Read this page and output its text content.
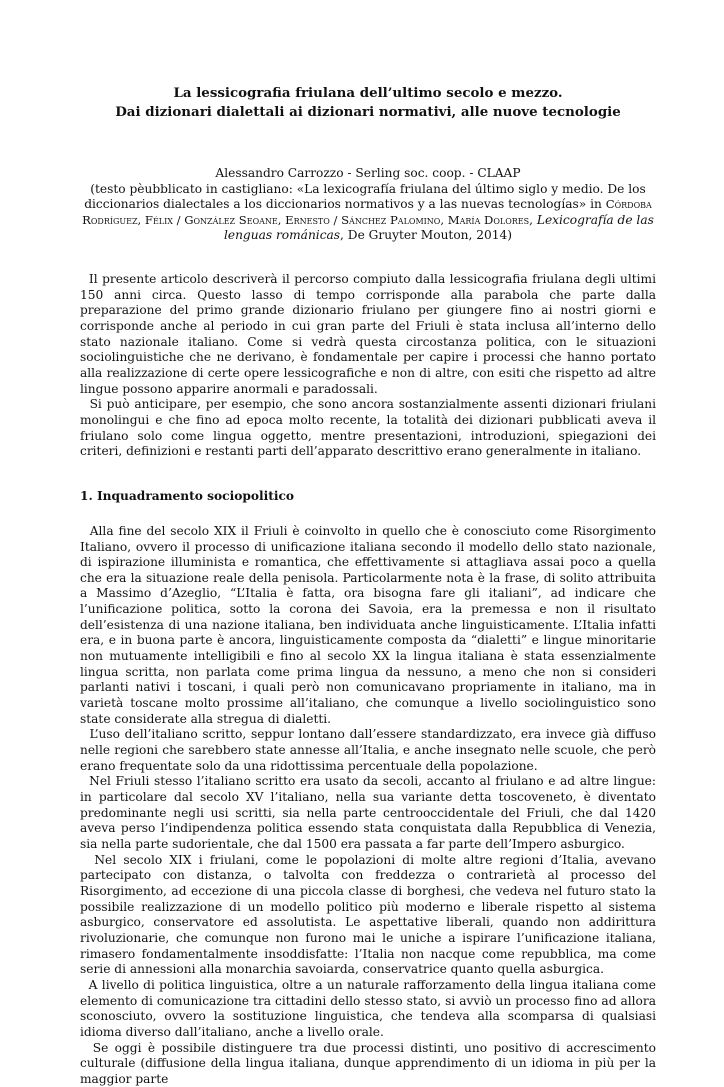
La lessicografia friulana dell’ultimo secolo e mezzo.
Dai dizionari dialettali ai dizionari normativi, alle nuove tecnologie
Alessandro Carrozzo - Serling soc. coop. - CLAAP
(testo pèubblicato in castigliano: «La lexicografía friulana del último siglo y medio. De los diccionarios dialectales a los diccionarios normativos y a las nuevas tecnologías» in Córdoba Rodríguez, Félix / González Seoane, Ernesto / Sánchez Palomino, María Dolores, Lexicografía de las lenguas románicas, De Gruyter Mouton, 2014)

Il presente articolo descriverà il percorso compiuto dalla lessicografia friulana degli ultimi 150 anni circa. Questo lasso di tempo corrisponde alla parabola che parte dalla preparazione del primo grande dizionario friulano per giungere fino ai nostri giorni e corrisponde anche al periodo in cui gran parte del Friuli è stata inclusa all’interno dello stato nazionale italiano. Come si vedrà questa circostanza politica, con le situazioni sociolinguistiche che ne derivano, è fondamentale per capire i processi che hanno portato alla realizzazione di certe opere lessicografiche e non di altre, con esiti che rispetto ad altre lingue possono apparire anormali e paradossali.

Si può anticipare, per esempio, che sono ancora sostanzialmente assenti dizionari friulani monolingui e che fino ad epoca molto recente, la totalità dei dizionari pubblicati aveva il friulano solo come lingua oggetto, mentre presentazioni, introduzioni, spiegazioni dei criteri, definizioni e restanti parti dell’apparato descrittivo erano generalmente in italiano.

1. Inquadramento sociopolitico

Alla fine del secolo XIX il Friuli è coinvolto in quello che è conosciuto come Risorgimento Italiano, ovvero il processo di unificazione italiana secondo il modello dello stato nazionale, di ispirazione illuminista e romantica, che effettivamente si attagliava assai poco a quella che era la situazione reale della penisola. Particolarmente nota è la frase, di solito attribuita a Massimo d’Azeglio, “L’Italia è fatta, ora bisogna fare gli italiani”, ad indicare che l’unificazione politica, sotto la corona dei Savoia, era la premessa e non il risultato dell’esistenza di una nazione italiana, ben individuata anche linguisticamente. L’Italia infatti era, e in buona parte è ancora, linguisticamente composta da “dialetti” e lingue minoritarie non mutuamente intelligibili e fino al secolo XX la lingua italiana è stata essenzialmente lingua scritta, non parlata come prima lingua da nessuno, a meno che non si consideri parlanti nativi i toscani, i quali però non comunicavano propriamente in italiano, ma in varietà toscane molto prossime all’italiano, che comunque a livello sociolinguistico sono state considerate alla stregua di dialetti.

L’uso dell’italiano scritto, seppur lontano dall’essere standardizzato, era invece già diffuso nelle regioni che sarebbero state annesse all’Italia, e anche insegnato nelle scuole, che però erano frequentate solo da una ridottissima percentuale della popolazione.

Nel Friuli stesso l’italiano scritto era usato da secoli, accanto al friulano e ad altre lingue: in particolare dal secolo XV l’italiano, nella sua variante detta toscoveneto, è diventato predominante negli usi scritti, sia nella parte centrooccidentale del Friuli, che dal 1420 aveva perso l’indipendenza politica essendo stata conquistata dalla Repubblica di Venezia, sia nella parte sudorientale, che dal 1500 era passata a far parte dell’Impero asburgico.

Nel secolo XIX i friulani, come le popolazioni di molte altre regioni d’Italia, avevano partecipato con distanza, o talvolta con freddezza o contrarietà al processo del Risorgimento, ad eccezione di una piccola classe di borghesi, che vedeva nel futuro stato la possibile realizzazione di un modello politico più moderno e liberale rispetto al sistema asburgico, conservatore ed assolutista. Le aspettative liberali, quando non addirittura rivoluzionarie, che comunque non furono mai le uniche a ispirare l’unificazione italiana, rimasero fondamentalmente insoddisfatte: l’Italia non nacque come repubblica, ma come serie di annessioni alla monarchia savoiarda, conservatrice quanto quella asburgica.

A livello di politica linguistica, oltre a un naturale rafforzamento della lingua italiana come elemento di comunicazione tra cittadini dello stesso stato, si avviò un processo fino ad allora sconosciuto, ovvero la sostituzione linguistica, che tendeva alla scomparsa di qualsiasi idioma diverso dall’italiano, anche a livello orale.

Se oggi è possibile distinguere tra due processi distinti, uno positivo di accrescimento culturale (diffusione della lingua italiana, dunque apprendimento di un idioma in più per la maggior parte
